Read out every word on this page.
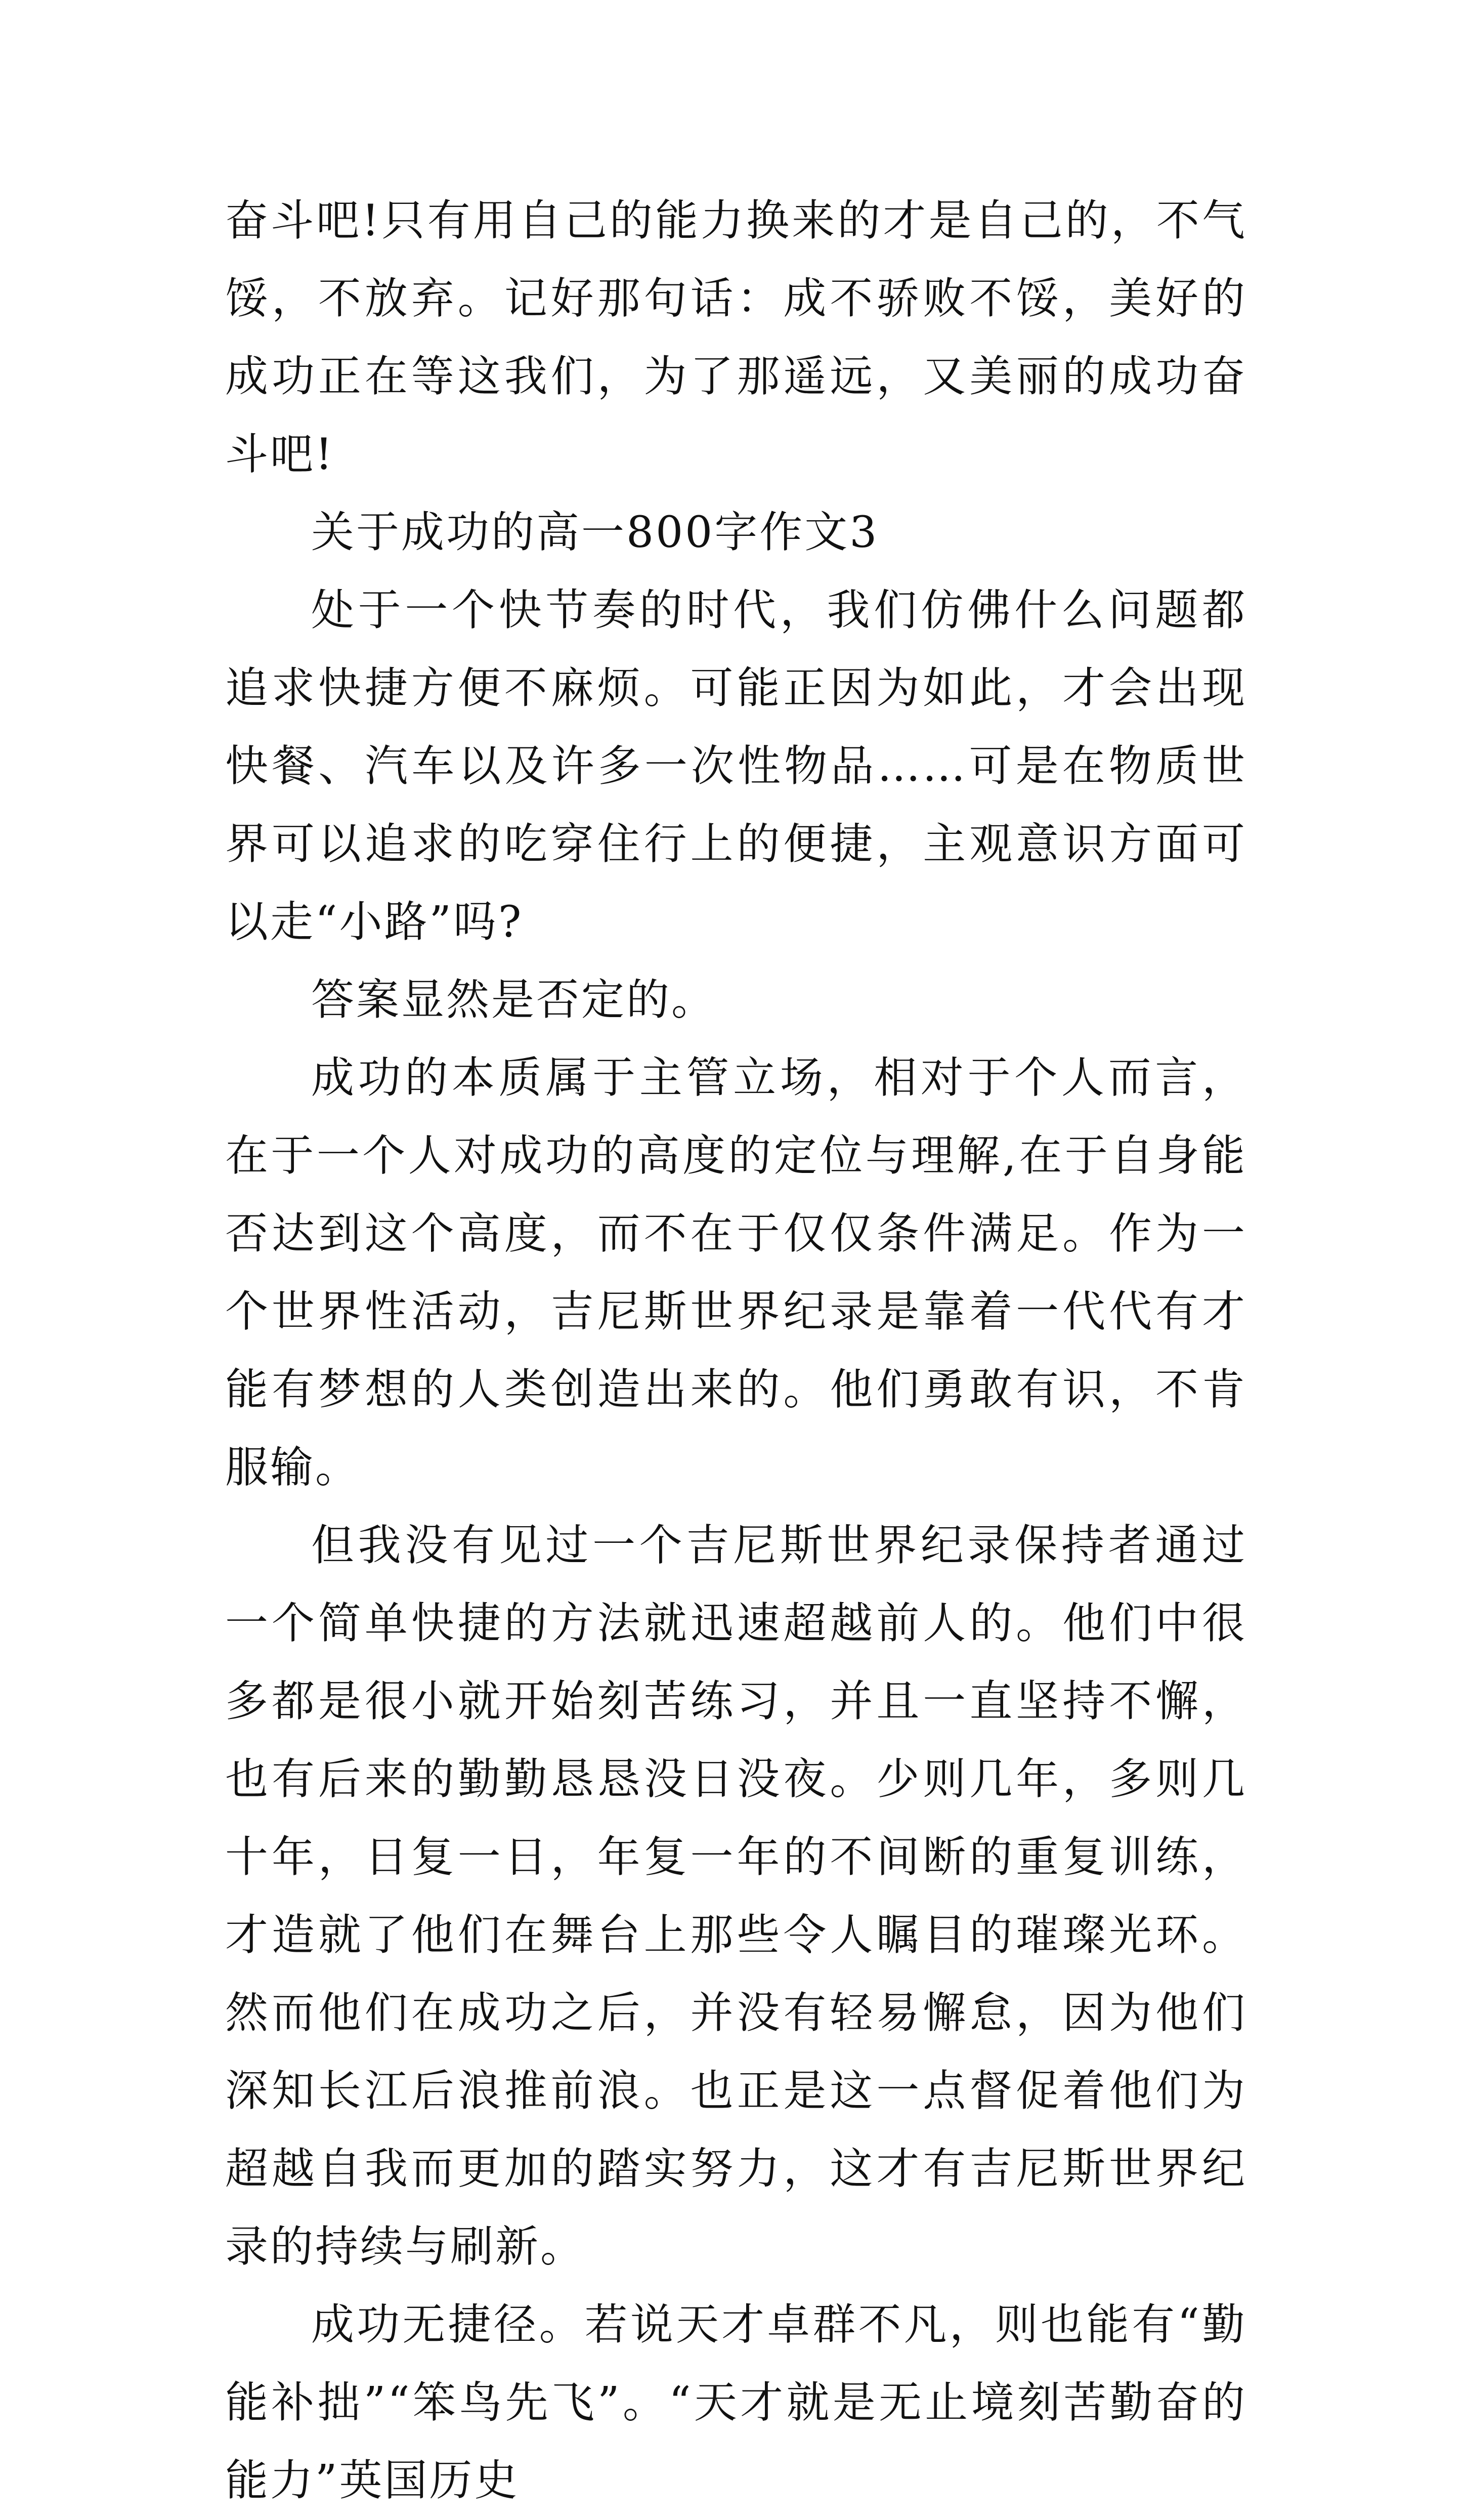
奋斗吧!只有用自己的能力换来的才是自己的，不气馁，不放弃。记好那句话：成不骄败不馁，美好的成功正在等这我们，为了那遥远，又美丽的成功奋斗吧!

关于成功的高一800字作文3

处于一个快节奏的时代，我们仿佛什么问题都追求快捷方便不麻烦。可能正因为如此，才会出现快餐、汽车以及许多一次性物品……可是在物质世界可以追求的吃穿住行上的便捷，主观意识方面可以走“小路”吗?

答案显然是否定的。

成功的本质属于主管立场，相对于个人而言，在于一个人对成功的高度的定位与理解,在于自身能否达到这个高度，而不在于仅仅条件满足。作为一个世界性活动，吉尼斯世界纪录是靠着一代代有才能有梦想的人类创造出来的。他们勇敢有识，不肯服输。

但我没有见过一个吉尼斯世界纪录保持者通过一个简单快捷的方法就迅速超越前人的。他们中很多都是很小就开始刻苦练习，并且一直坚持不懈，也有后来的勤勤恳恳没日没夜。少则几年，多则几十年，日复一日，年复一年的不间断的重复训练，才造就了他们在舞台上那些令人瞩目的璀璨光环。然而他们在成功之后，并没有轻易懈怠，因为他们深知长江后浪推前浪。也正是这一点督促着他们为超越自我而更加的踏实努力，这才有吉尼斯世界纪录的持续与刷新。

成功无捷径。若说天才卓群不凡，则也能有“勤能补拙”“笨鸟先飞”。“天才就是无止境刻苦勤奋的能力”英国历史
